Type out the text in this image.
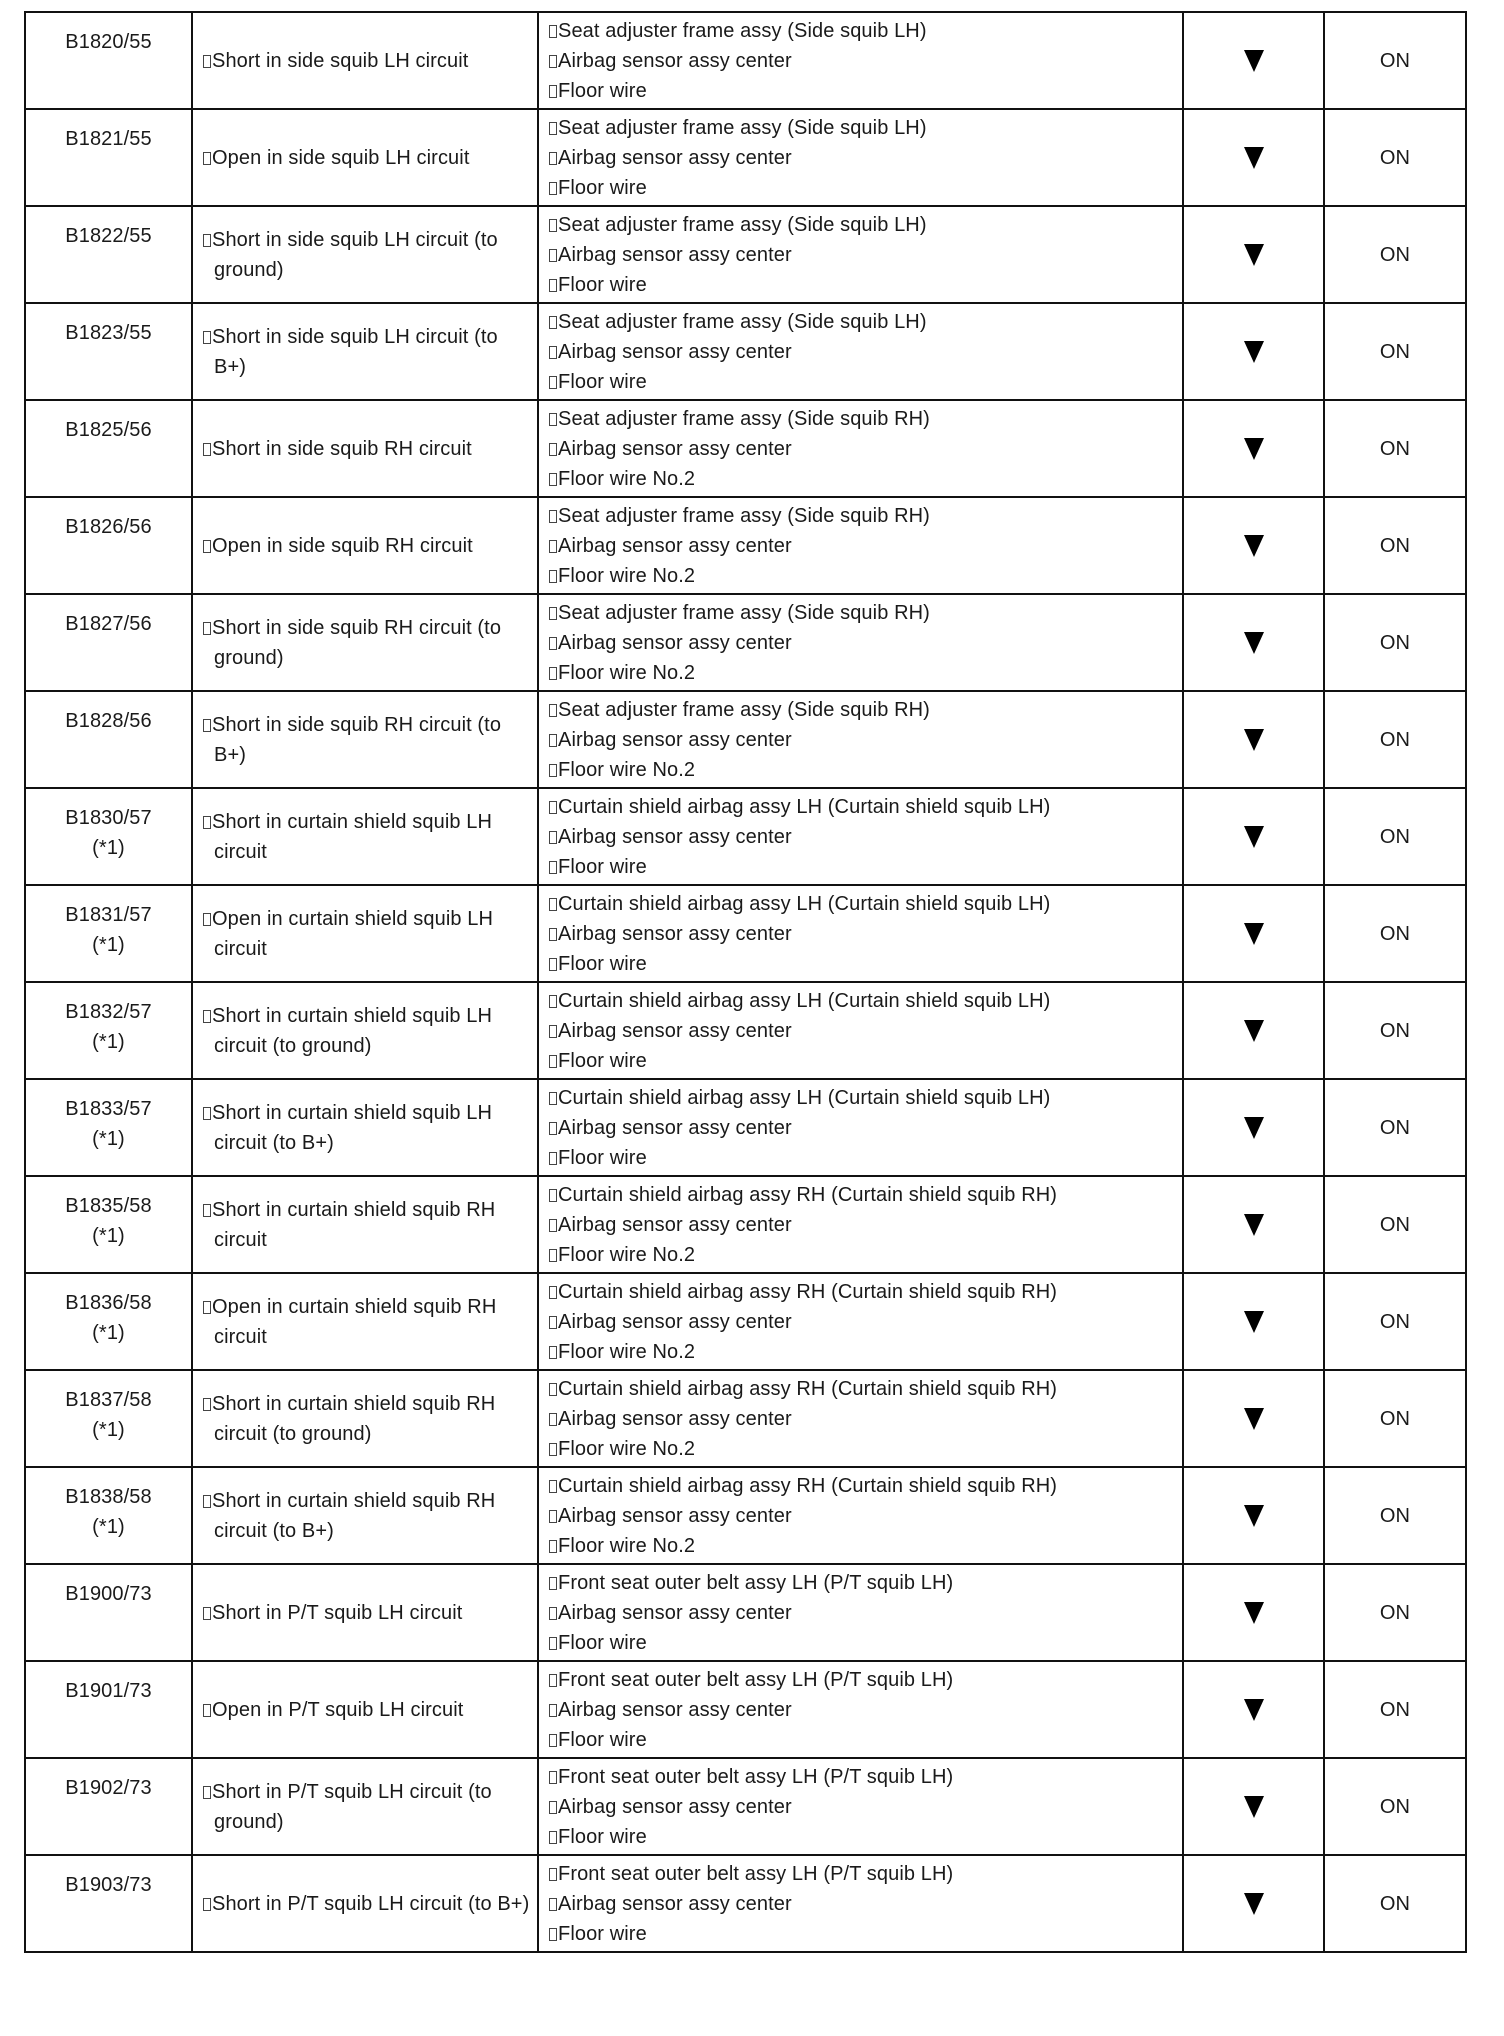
B1820/55	Short in side squib LH circuit	Seat adjuster frame assy (Side squib LH)
Airbag sensor assy center
Floor wire		ON

B1821/55	Open in side squib LH circuit	Seat adjuster frame assy (Side squib LH)
Airbag sensor assy center
Floor wire		ON

B1822/55	Short in side squib LH circuit (to ground)	Seat adjuster frame assy (Side squib LH)
Airbag sensor assy center
Floor wire		ON

B1823/55	Short in side squib LH circuit (to B+)	Seat adjuster frame assy (Side squib LH)
Airbag sensor assy center
Floor wire		ON

B1825/56	Short in side squib RH circuit	Seat adjuster frame assy (Side squib RH)
Airbag sensor assy center
Floor wire No.2		ON

B1826/56	Open in side squib RH circuit	Seat adjuster frame assy (Side squib RH)
Airbag sensor assy center
Floor wire No.2		ON

B1827/56	Short in side squib RH circuit (to ground)	Seat adjuster frame assy (Side squib RH)
Airbag sensor assy center
Floor wire No.2		ON

B1828/56	Short in side squib RH circuit (to B+)	Seat adjuster frame assy (Side squib RH)
Airbag sensor assy center
Floor wire No.2		ON

B1830/57
(*1)	Short in curtain shield squib LH circuit	Curtain shield airbag assy LH (Curtain shield squib LH)
Airbag sensor assy center
Floor wire		ON

B1831/57
(*1)	Open in curtain shield squib LH circuit	Curtain shield airbag assy LH (Curtain shield squib LH)
Airbag sensor assy center
Floor wire		ON

B1832/57
(*1)	Short in curtain shield squib LH circuit (to ground)	Curtain shield airbag assy LH (Curtain shield squib LH)
Airbag sensor assy center
Floor wire		ON

B1833/57
(*1)	Short in curtain shield squib LH circuit (to B+)	Curtain shield airbag assy LH (Curtain shield squib LH)
Airbag sensor assy center
Floor wire		ON

B1835/58
(*1)	Short in curtain shield squib RH circuit	Curtain shield airbag assy RH (Curtain shield squib RH)
Airbag sensor assy center
Floor wire No.2		ON

B1836/58
(*1)	Open in curtain shield squib RH circuit	Curtain shield airbag assy RH (Curtain shield squib RH)
Airbag sensor assy center
Floor wire No.2		ON

B1837/58
(*1)	Short in curtain shield squib RH circuit (to ground)	Curtain shield airbag assy RH (Curtain shield squib RH)
Airbag sensor assy center
Floor wire No.2		ON

B1838/58
(*1)	Short in curtain shield squib RH circuit (to B+)	Curtain shield airbag assy RH (Curtain shield squib RH)
Airbag sensor assy center
Floor wire No.2		ON

B1900/73	Short in P/T squib LH circuit	Front seat outer belt assy LH (P/T squib LH)
Airbag sensor assy center
Floor wire		ON

B1901/73	Open in P/T squib LH circuit	Front seat outer belt assy LH (P/T squib LH)
Airbag sensor assy center
Floor wire		ON

B1902/73	Short in P/T squib LH circuit (to ground)	Front seat outer belt assy LH (P/T squib LH)
Airbag sensor assy center
Floor wire		ON

B1903/73	Short in P/T squib LH circuit (to B+)	Front seat outer belt assy LH (P/T squib LH)
Airbag sensor assy center
Floor wire		ON
